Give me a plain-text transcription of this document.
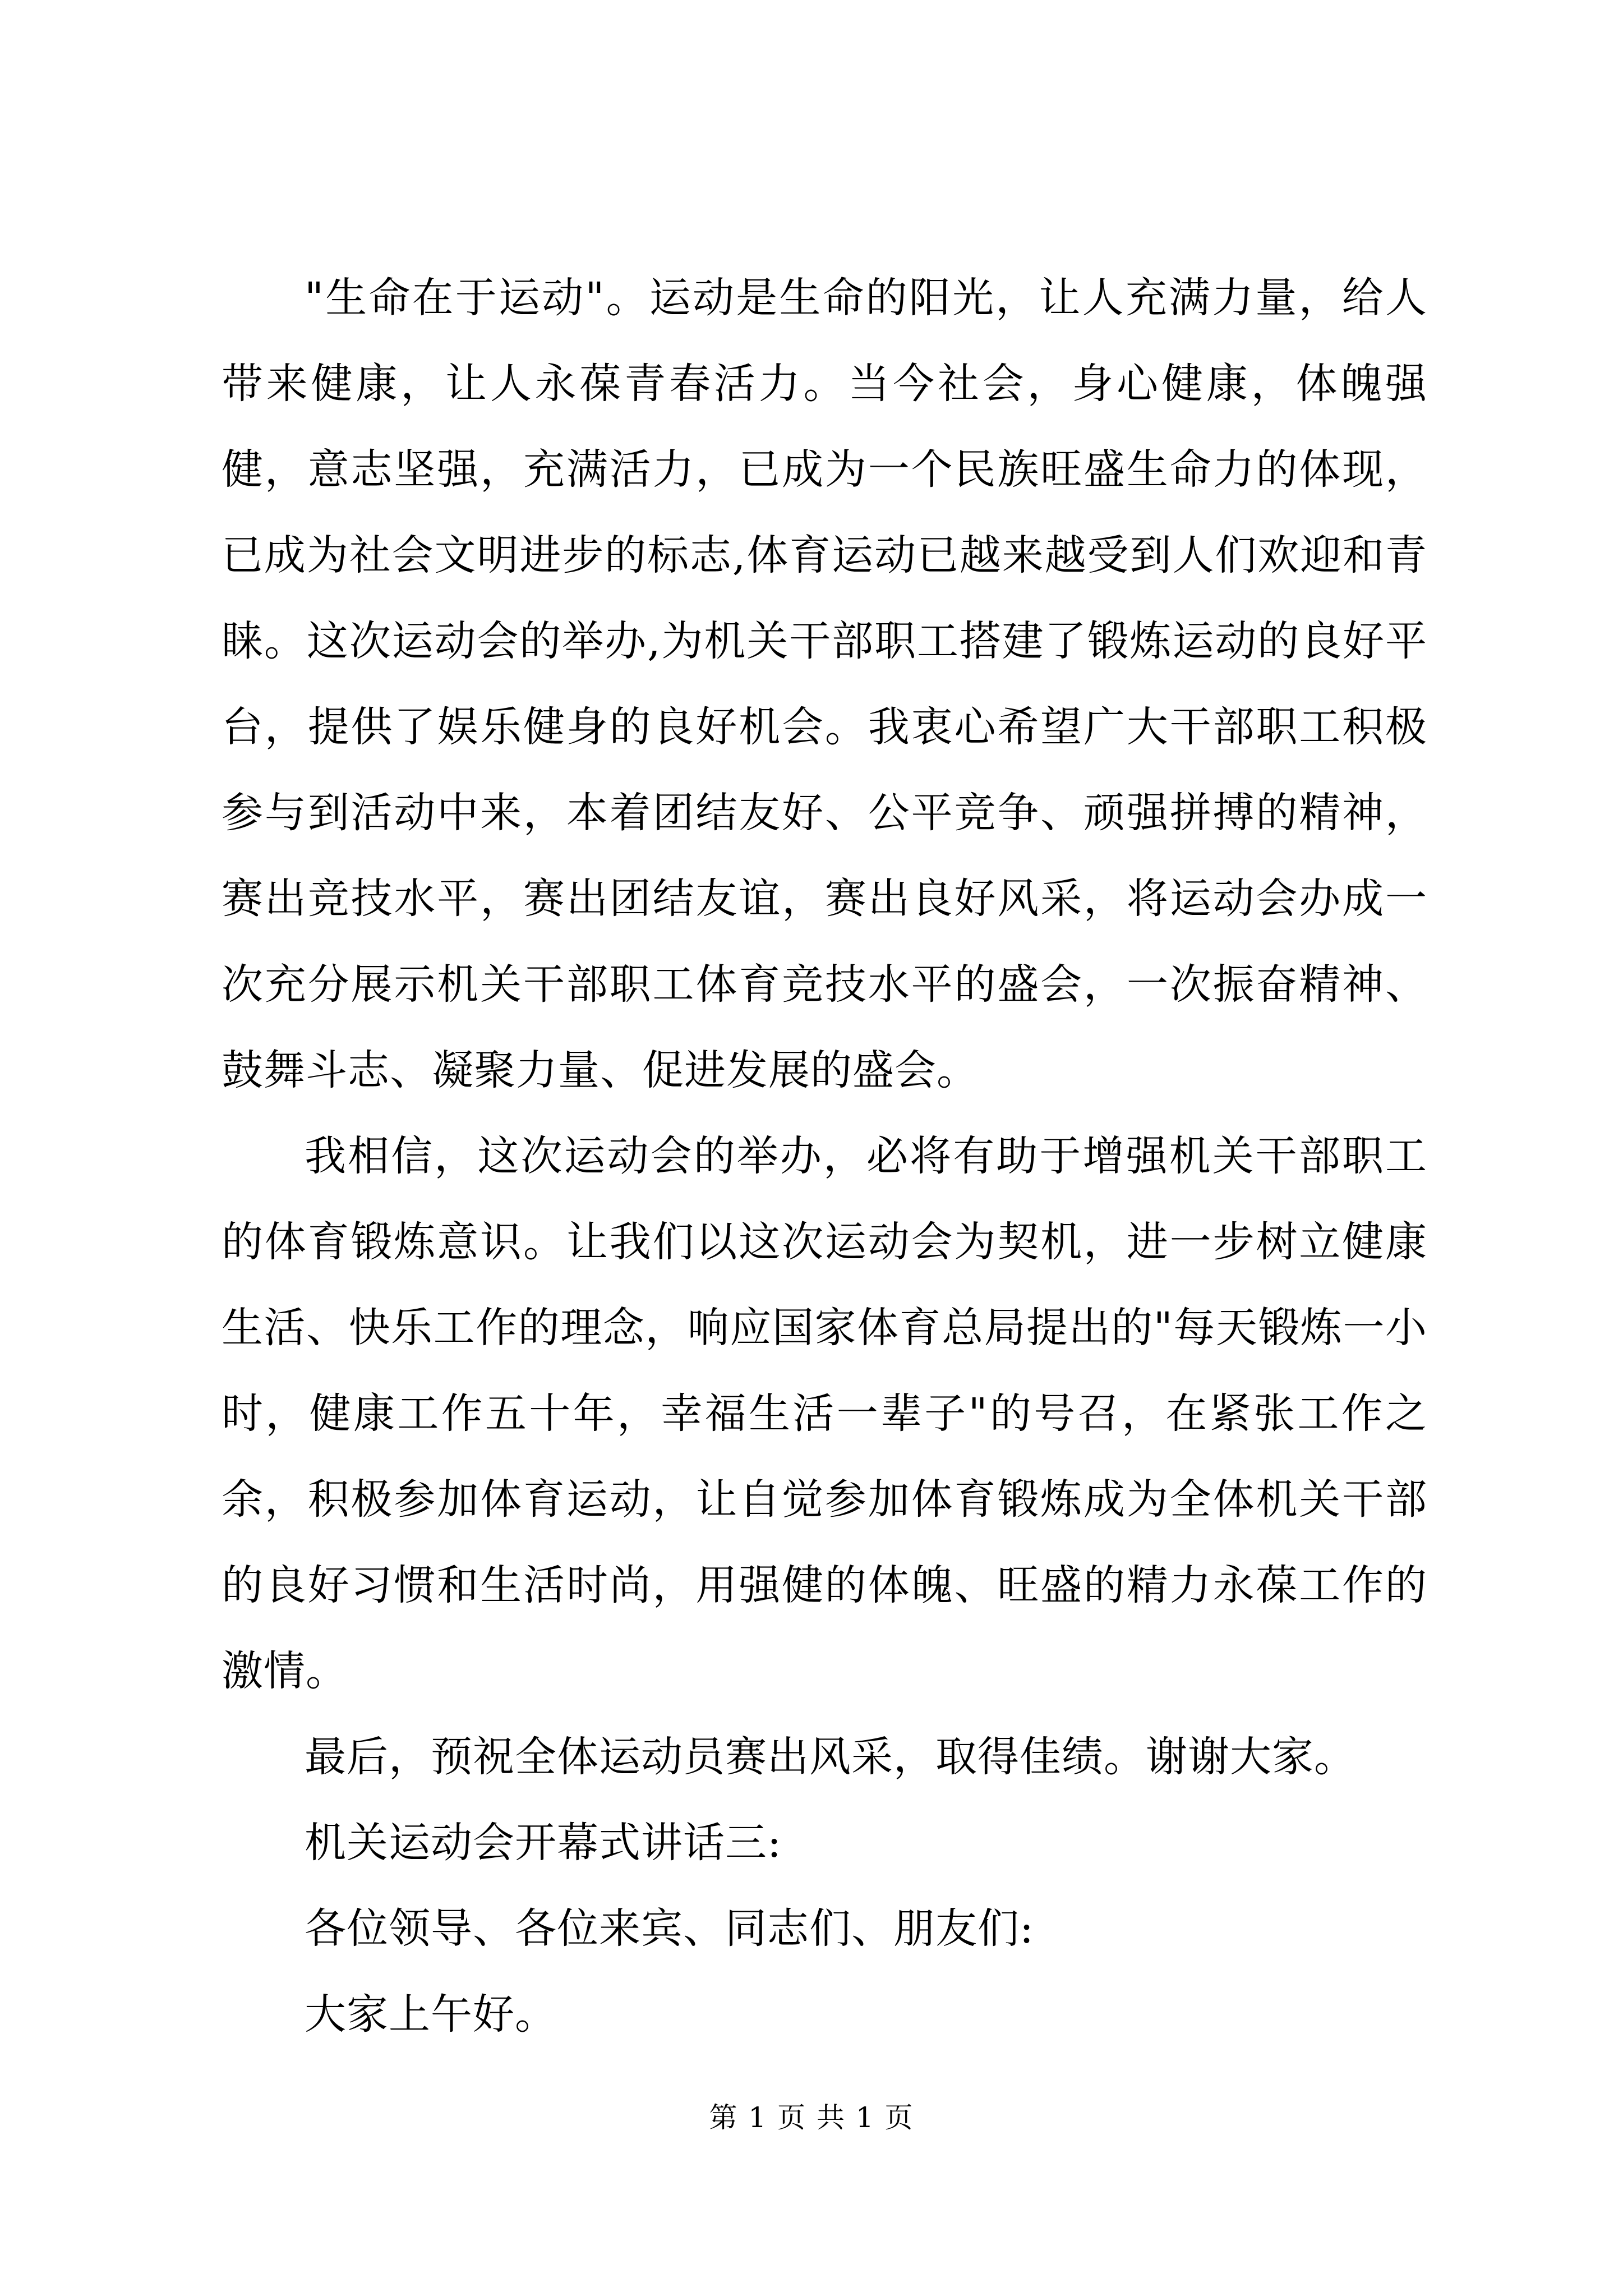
"生命在于运动"。运动是生命的阳光，让人充满力量，给人带来健康，让人永葆青春活力。当今社会，身心健康，体魄强健，意志坚强，充满活力，已成为一个民族旺盛生命力的体现，已成为社会文明进步的标志,体育运动已越来越受到人们欢迎和青睐。这次运动会的举办,为机关干部职工搭建了锻炼运动的良好平台，提供了娱乐健身的良好机会。我衷心希望广大干部职工积极参与到活动中来，本着团结友好、公平竞争、顽强拼搏的精神，赛出竞技水平，赛出团结友谊，赛出良好风采，将运动会办成一次充分展示机关干部职工体育竞技水平的盛会，一次振奋精神、鼓舞斗志、凝聚力量、促进发展的盛会。

我相信，这次运动会的举办，必将有助于增强机关干部职工的体育锻炼意识。让我们以这次运动会为契机，进一步树立健康生活、快乐工作的理念，响应国家体育总局提出的"每天锻炼一小时，健康工作五十年，幸福生活一辈子"的号召，在紧张工作之余，积极参加体育运动，让自觉参加体育锻炼成为全体机关干部的良好习惯和生活时尚，用强健的体魄、旺盛的精力永葆工作的激情。

最后，预祝全体运动员赛出风采，取得佳绩。谢谢大家。

机关运动会开幕式讲话三:

各位领导、各位来宾、同志们、朋友们:

大家上午好。

第 1 页 共 1 页
